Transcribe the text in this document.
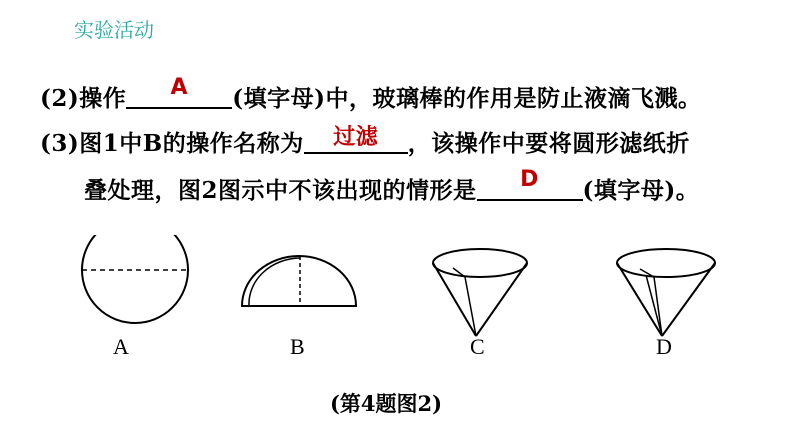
实验活动
(2)操作	A	(填字母)中，玻璃棒的作用是防止液滴飞溅。
(3)图1中B的操作名称为	过滤	，该操作中要将圆形滤纸折
叠处理，图2图示中不该出现的情形是	D	(填字母)。
A	B	C	D
(第4题图2)
